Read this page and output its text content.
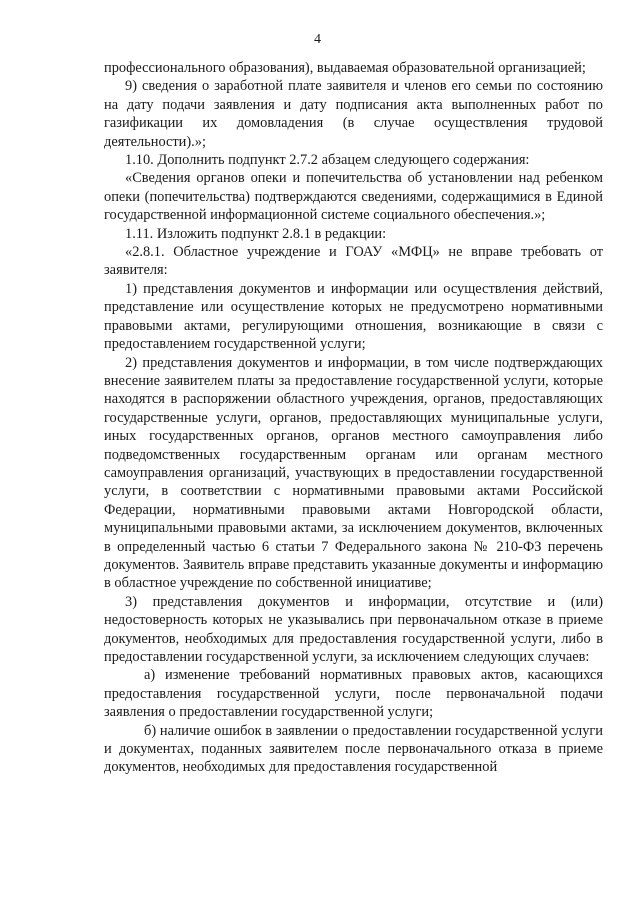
4

профессионального образования), выдаваемая образовательной организацией;

9) сведения о заработной плате заявителя и членов его семьи по состоянию на дату подачи заявления и дату подписания акта выполненных работ по газификации их домовладения (в случае осуществления трудовой деятельности).»;

1.10. Дополнить подпункт 2.7.2 абзацем следующего содержания:

«Сведения органов опеки и попечительства об установлении над ребенком опеки (попечительства) подтверждаются сведениями, содержащимися в Единой государственной информационной системе социального обеспечения.»;

1.11. Изложить подпункт 2.8.1 в редакции:

«2.8.1. Областное учреждение и ГОАУ «МФЦ» не вправе требовать от заявителя:

1) представления документов и информации или осуществления действий, представление или осуществление которых не предусмотрено нормативными правовыми актами, регулирующими отношения, возникающие в связи с предоставлением государственной услуги;

2) представления документов и информации, в том числе подтверждающих внесение заявителем платы за предоставление государственной услуги, которые находятся в распоряжении областного учреждения, органов, предоставляющих государственные услуги, органов, предоставляющих муниципальные услуги, иных государственных органов, органов местного самоуправления либо подведомственных государственным органам или органам местного самоуправления организаций, участвующих в предоставлении государственной услуги, в соответствии с нормативными правовыми актами Российской Федерации, нормативными правовыми актами Новгородской области, муниципальными правовыми актами, за исключением документов, включенных в определенный частью 6 статьи 7 Федерального закона № 210-ФЗ перечень документов. Заявитель вправе представить указанные документы и информацию в областное учреждение по собственной инициативе;

3) представления документов и информации, отсутствие и (или) недостоверность которых не указывались при первоначальном отказе в приеме документов, необходимых для предоставления государственной услуги, либо в предоставлении государственной услуги, за исключением следующих случаев:

а) изменение требований нормативных правовых актов, касающихся предоставления государственной услуги, после первоначальной подачи заявления о предоставлении государственной услуги;

б) наличие ошибок в заявлении о предоставлении государственной услуги и документах, поданных заявителем после первоначального отказа в приеме документов, необходимых для предоставления государственной
